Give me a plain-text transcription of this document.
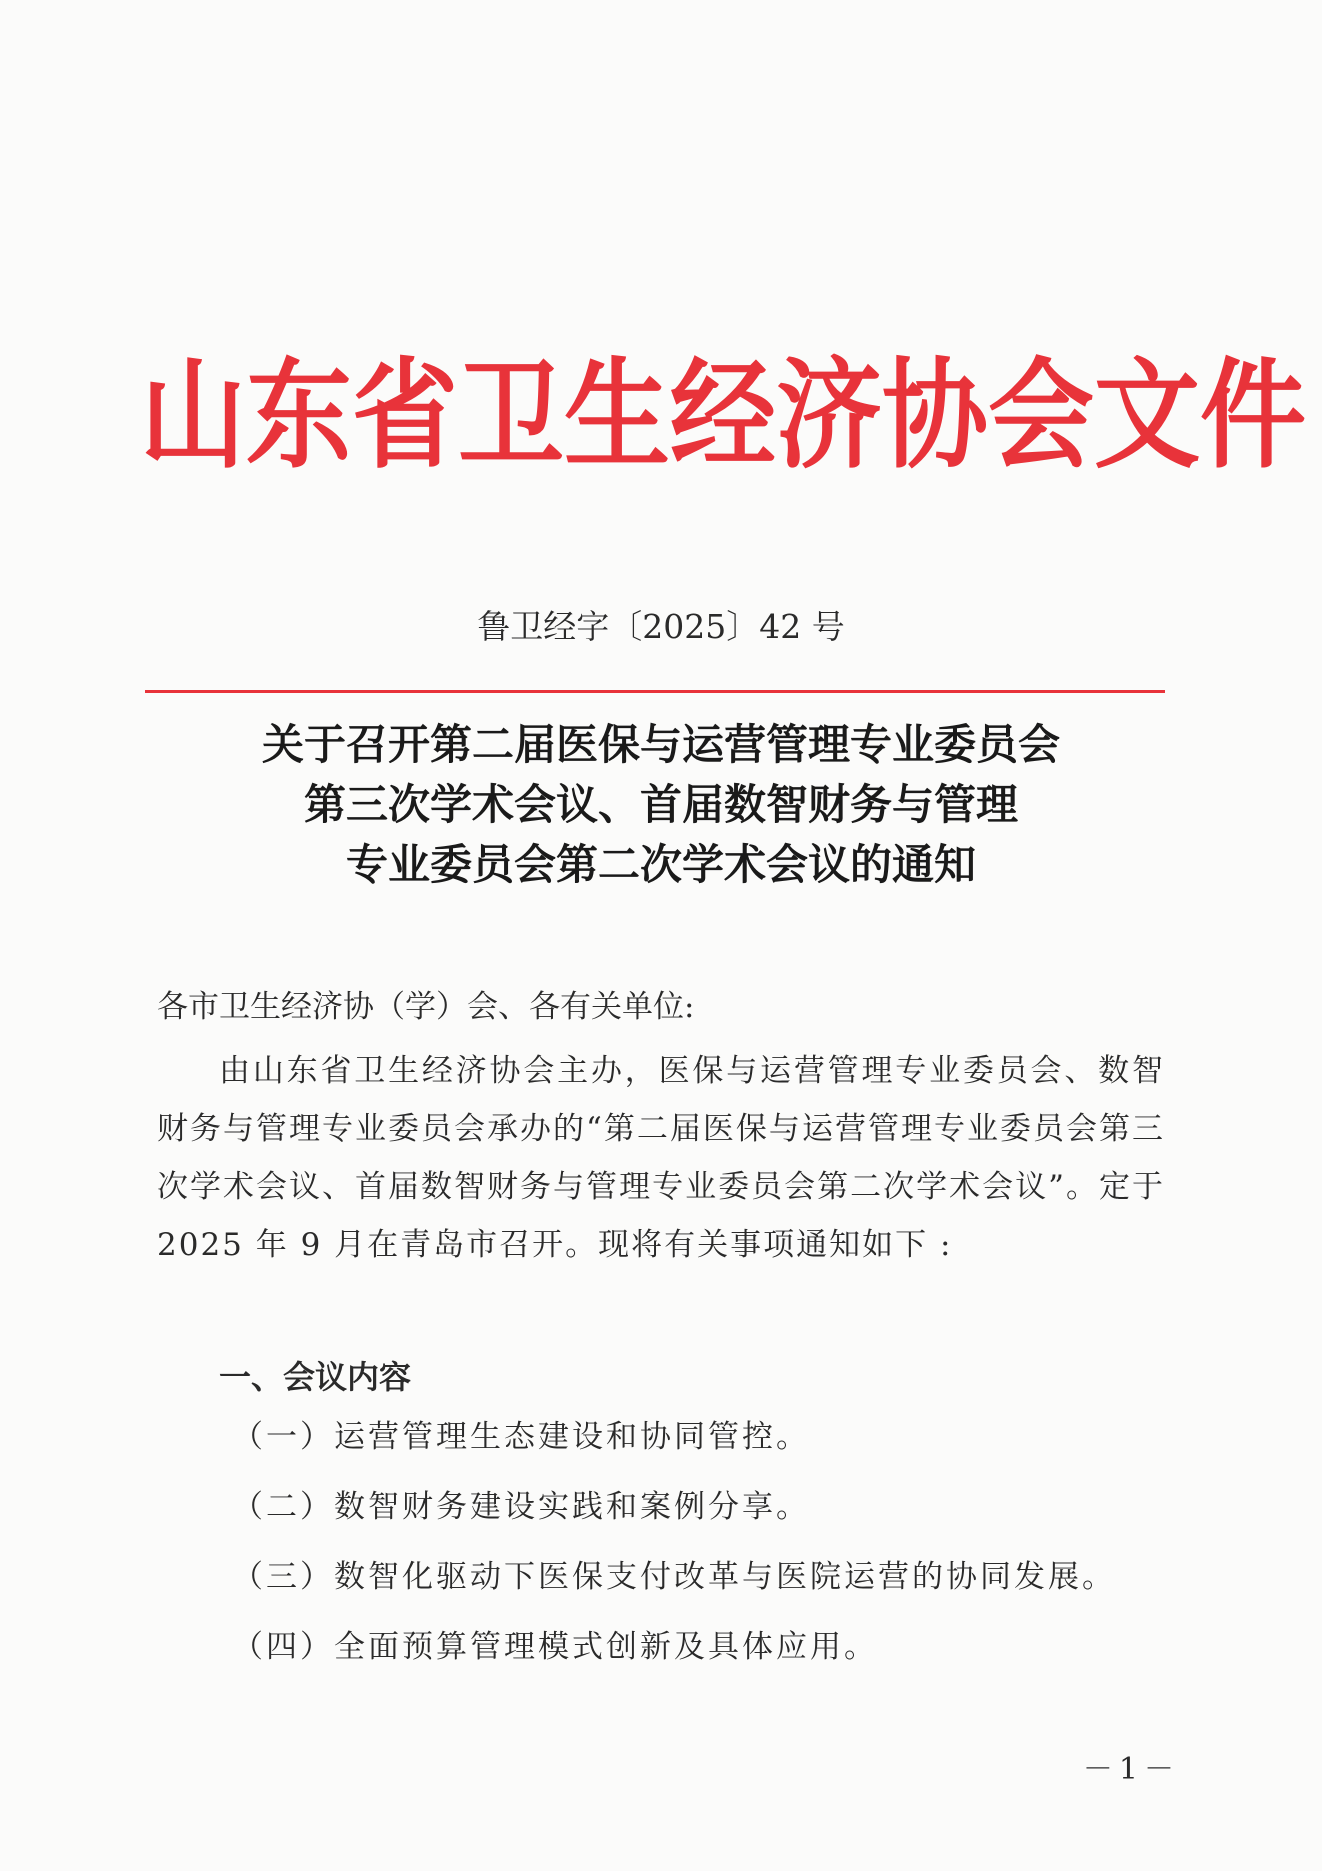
山东省卫生经济协会文件
鲁卫经字〔2025〕42 号
关于召开第二届医保与运营管理专业委员会
第三次学术会议、首届数智财务与管理
专业委员会第二次学术会议的通知
各市卫生经济协（学）会、各有关单位:
由山东省卫生经济协会主办，医保与运营管理专业委员会、数智财务与管理专业委员会承办的“第二届医保与运营管理专业委员会第三次学术会议、首届数智财务与管理专业委员会第二次学术会议”。定于 2025 年 9 月在青岛市召开。现将有关事项通知如下 :
一、会议内容
（一）运营管理生态建设和协同管控。
（二）数智财务建设实践和案例分享。
（三）数智化驱动下医保支付改革与医院运营的协同发展。
（四）全面预算管理模式创新及具体应用。
－1－
